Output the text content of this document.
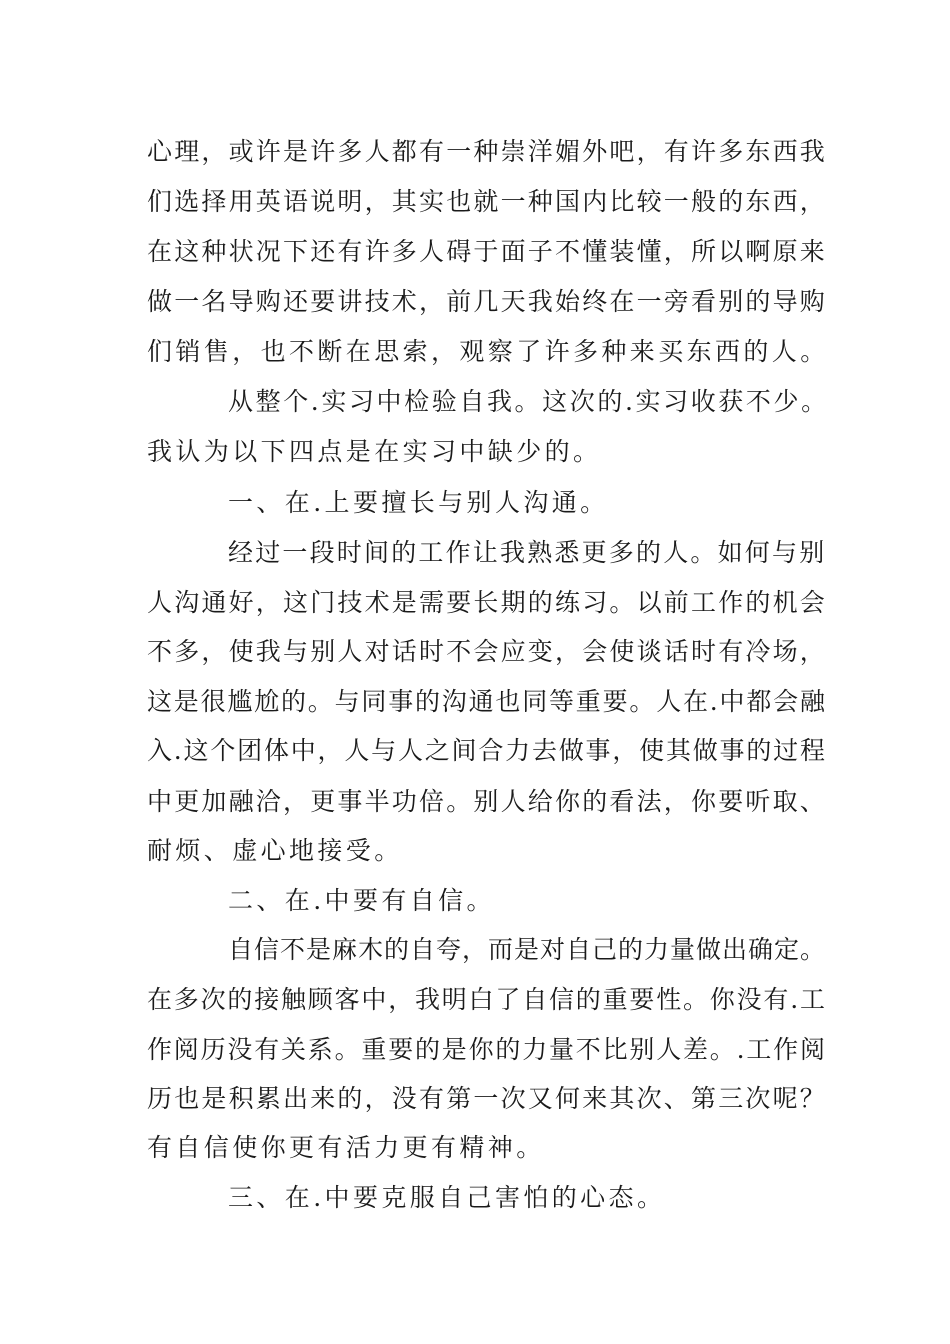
心理，或许是许多人都有一种崇洋媚外吧，有许多东西我
们选择用英语说明，其实也就一种国内比较一般的东西，
在这种状况下还有许多人碍于面子不懂装懂，所以啊原来
做一名导购还要讲技术，前几天我始终在一旁看别的导购
们销售，也不断在思索，观察了许多种来买东西的人。
从整个.实习中检验自我。这次的.实习收获不少。
我认为以下四点是在实习中缺少的。
一、在.上要擅长与别人沟通。
经过一段时间的工作让我熟悉更多的人。如何与别
人沟通好，这门技术是需要长期的练习。以前工作的机会
不多，使我与别人对话时不会应变，会使谈话时有冷场，
这是很尴尬的。与同事的沟通也同等重要。人在.中都会融
入.这个团体中，人与人之间合力去做事，使其做事的过程
中更加融洽，更事半功倍。别人给你的看法，你要听取、
耐烦、虚心地接受。
二、在.中要有自信。
自信不是麻木的自夸，而是对自己的力量做出确定。
在多次的接触顾客中，我明白了自信的重要性。你没有.工
作阅历没有关系。重要的是你的力量不比别人差。.工作阅
历也是积累出来的，没有第一次又何来其次、第三次呢？
有自信使你更有活力更有精神。
三、在.中要克服自己害怕的心态。
